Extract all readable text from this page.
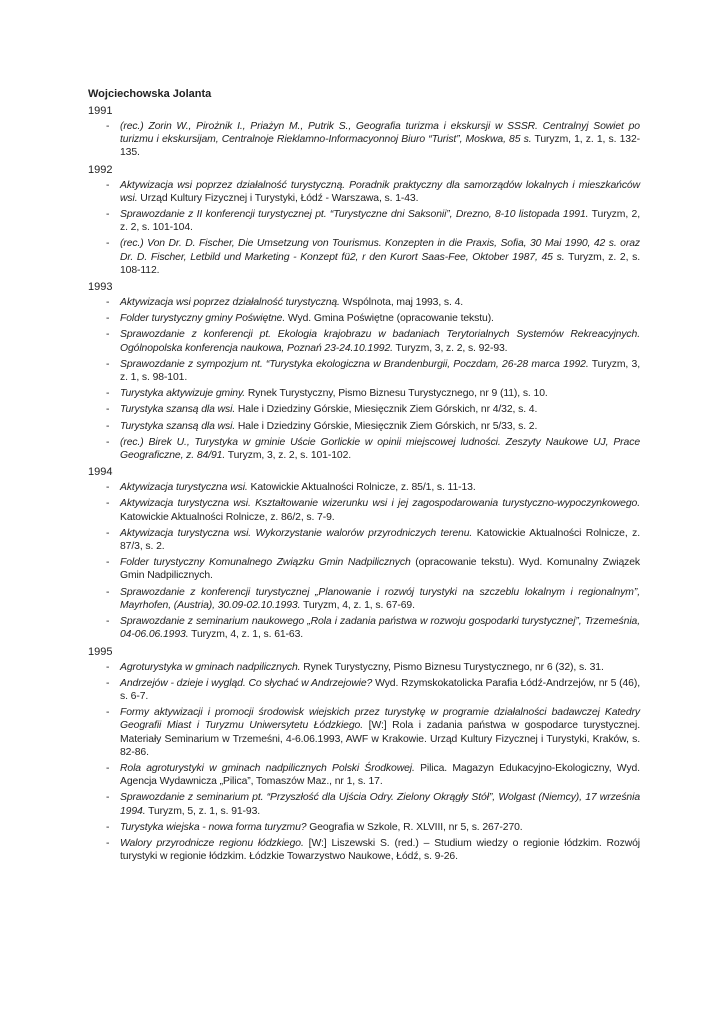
Wojciechowska Jolanta
1991
- (rec.) Zorin W., Pirożnik I., Priażyn M., Putrik S., Geografia turizma i ekskursji w SSSR. Centralnyj Sowiet po turizmu i ekskursijam, Centralnoje Rieklamno-Informacyonnoj Biuro “Turist”, Moskwa, 85 s. Turyzm, 1, z. 1, s. 132-135.
1992
- Aktywizacja wsi poprzez działalność turystyczną. Poradnik praktyczny dla samorządów lokalnych i mieszkańców wsi. Urząd Kultury Fizycznej i Turystyki, Łódź - Warszawa, s. 1-43.
- Sprawozdanie z II konferencji turystycznej pt. “Turystyczne dni Saksonii”, Drezno, 8-10 listopada 1991. Turyzm, 2, z. 2, s. 101-104.
- (rec.) Von Dr. D. Fischer, Die Umsetzung von Tourismus. Konzepten in die Praxis, Sofia, 30 Mai 1990, 42 s. oraz Dr. D. Fischer, Letbild und Marketing - Konzept fü2, r den Kurort Saas-Fee, Oktober 1987, 45 s. Turyzm, z. 2, s. 108-112.
1993
- Aktywizacja wsi poprzez działalność turystyczną. Wspólnota, maj 1993, s. 4.
- Folder turystyczny gminy Poświętne. Wyd. Gmina Poświętne (opracowanie tekstu).
- Sprawozdanie z konferencji pt. Ekologia krajobrazu w badaniach Terytorialnych Systemów Rekreacyjnych. Ogólnopolska konferencja naukowa, Poznań 23-24.10.1992. Turyzm, 3, z. 2, s. 92-93.
- Sprawozdanie z sympozjum nt. “Turystyka ekologiczna w Brandenburgii, Poczdam, 26-28 marca 1992. Turyzm, 3, z. 1, s. 98-101.
- Turystyka aktywizuje gminy. Rynek Turystyczny, Pismo Biznesu Turystycznego, nr 9 (11), s. 10.
- Turystyka szansą dla wsi. Hale i Dziedziny Górskie, Miesięcznik Ziem Górskich, nr 4/32, s. 4.
- Turystyka szansą dla wsi. Hale i Dziedziny Górskie, Miesięcznik Ziem Górskich, nr 5/33, s. 2.
- (rec.) Birek U., Turystyka w gminie Uście Gorlickie w opinii miejscowej ludności. Zeszyty Naukowe UJ, Prace Geograficzne, z. 84/91. Turyzm, 3, z. 2, s. 101-102.
1994
- Aktywizacja turystyczna wsi. Katowickie Aktualności Rolnicze, z. 85/1, s. 11-13.
- Aktywizacja turystyczna wsi. Kształtowanie wizerunku wsi i jej zagospodarowania turystyczno-wypoczynkowego. Katowickie Aktualności Rolnicze, z. 86/2, s. 7-9.
- Aktywizacja turystyczna wsi. Wykorzystanie walorów przyrodniczych terenu. Katowickie Aktualności Rolnicze, z. 87/3, s. 2.
- Folder turystyczny Komunalnego Związku Gmin Nadpilicznych (opracowanie tekstu). Wyd. Komunalny Związek Gmin Nadpilicznych.
- Sprawozdanie z konferencji turystycznej „Planowanie i rozwój turystyki na szczeblu lokalnym i regionalnym”, Mayrhofen, (Austria), 30.09-02.10.1993. Turyzm, 4, z. 1, s. 67-69.
- Sprawozdanie z seminarium naukowego „Rola i zadania państwa w rozwoju gospodarki turystycznej”, Trzemeśnia, 04-06.06.1993. Turyzm, 4, z. 1, s. 61-63.
1995
- Agroturystyka w gminach nadpilicznych. Rynek Turystyczny, Pismo Biznesu Turystycznego, nr 6 (32), s. 31.
- Andrzejów - dzieje i wygląd. Co słychać w Andrzejowie? Wyd. Rzymskokatolicka Parafia Łódź-Andrzejów, nr 5 (46), s. 6-7.
- Formy aktywizacji i promocji środowisk wiejskich przez turystykę w programie działalności badawczej Katedry Geografii Miast i Turyzmu Uniwersytetu Łódzkiego. [W:] Rola i zadania państwa w gospodarce turystycznej. Materiały Seminarium w Trzemeśni, 4-6.06.1993, AWF w Krakowie. Urząd Kultury Fizycznej i Turystyki, Kraków, s. 82-86.
- Rola agroturystyki w gminach nadpilicznych Polski Środkowej. Pilica. Magazyn Edukacyjno-Ekologiczny, Wyd. Agencja Wydawnicza „Pilica”, Tomaszów Maz., nr 1, s. 17.
- Sprawozdanie z seminarium pt. “Przyszłość dla Ujścia Odry. Zielony Okrągły Stół”, Wolgast (Niemcy), 17 września 1994. Turyzm, 5, z. 1, s. 91-93.
- Turystyka wiejska - nowa forma turyzmu? Geografia w Szkole, R. XLVIII, nr 5, s. 267-270.
- Walory przyrodnicze regionu łódzkiego. [W:] Liszewski S. (red.) – Studium wiedzy o regionie łódzkim. Rozwój turystyki w regionie łódzkim. Łódzkie Towarzystwo Naukowe, Łódź, s. 9-26.
